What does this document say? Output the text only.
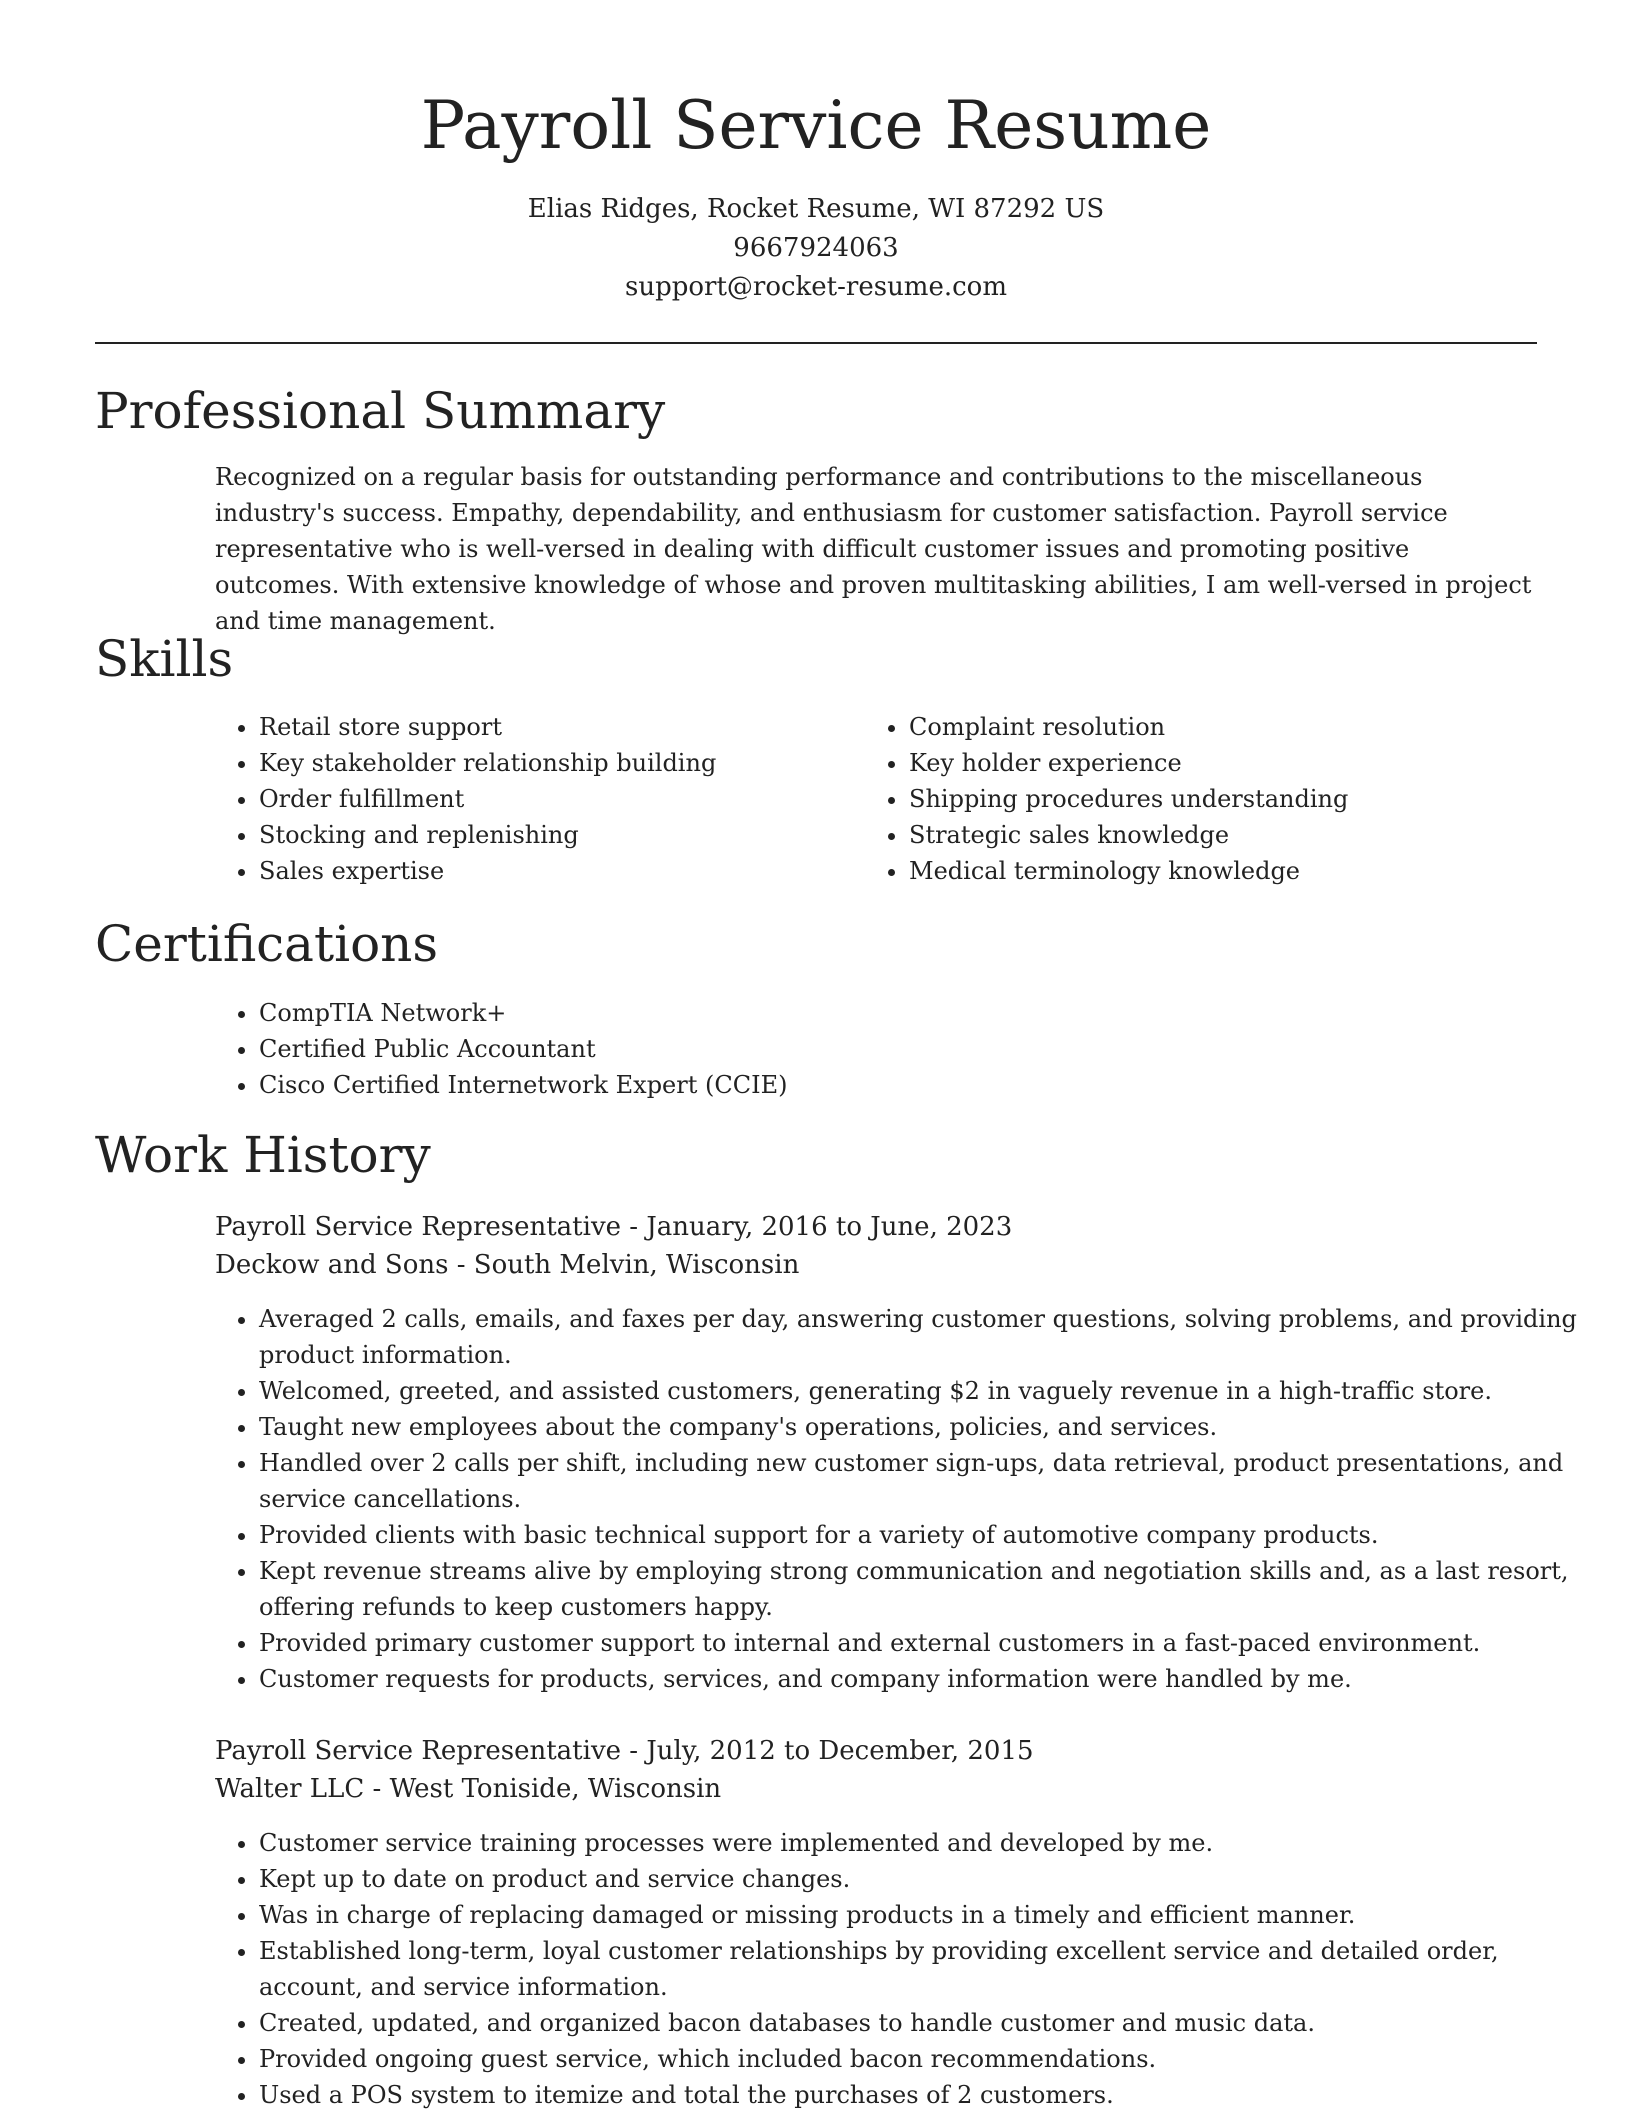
Payroll Service Resume
Elias Ridges, Rocket Resume, WI 87292 US
9667924063
support@rocket-resume.com
Professional Summary

Recognized on a regular basis for outstanding performance and contributions to the miscellaneous industry's success. Empathy, dependability, and enthusiasm for customer satisfaction. Payroll service representative who is well-versed in dealing with difficult customer issues and promoting positive outcomes. With extensive knowledge of whose and proven multitasking abilities, I am well-versed in project and time management.

Skills
• Retail store support
• Key stakeholder relationship building
• Order fulfillment
• Stocking and replenishing
• Sales expertise
• Complaint resolution
• Key holder experience
• Shipping procedures understanding
• Strategic sales knowledge
• Medical terminology knowledge
Certifications
• CompTIA Network+
• Certified Public Accountant
• Cisco Certified Internetwork Expert (CCIE)
Work History
Payroll Service Representative - January, 2016 to June, 2023
Deckow and Sons - South Melvin, Wisconsin
• Averaged 2 calls, emails, and faxes per day, answering customer questions, solving problems, and providing product information.
• Welcomed, greeted, and assisted customers, generating $2 in vaguely revenue in a high-traffic store.
• Taught new employees about the company's operations, policies, and services.
• Handled over 2 calls per shift, including new customer sign-ups, data retrieval, product presentations, and service cancellations.
• Provided clients with basic technical support for a variety of automotive company products.
• Kept revenue streams alive by employing strong communication and negotiation skills and, as a last resort, offering refunds to keep customers happy.
• Provided primary customer support to internal and external customers in a fast-paced environment.
• Customer requests for products, services, and company information were handled by me.
Payroll Service Representative - July, 2012 to December, 2015
Walter LLC - West Toniside, Wisconsin
• Customer service training processes were implemented and developed by me.
• Kept up to date on product and service changes.
• Was in charge of replacing damaged or missing products in a timely and efficient manner.
• Established long-term, loyal customer relationships by providing excellent service and detailed order, account, and service information.
• Created, updated, and organized bacon databases to handle customer and music data.
• Provided ongoing guest service, which included bacon recommendations.
• Used a POS system to itemize and total the purchases of 2 customers.
